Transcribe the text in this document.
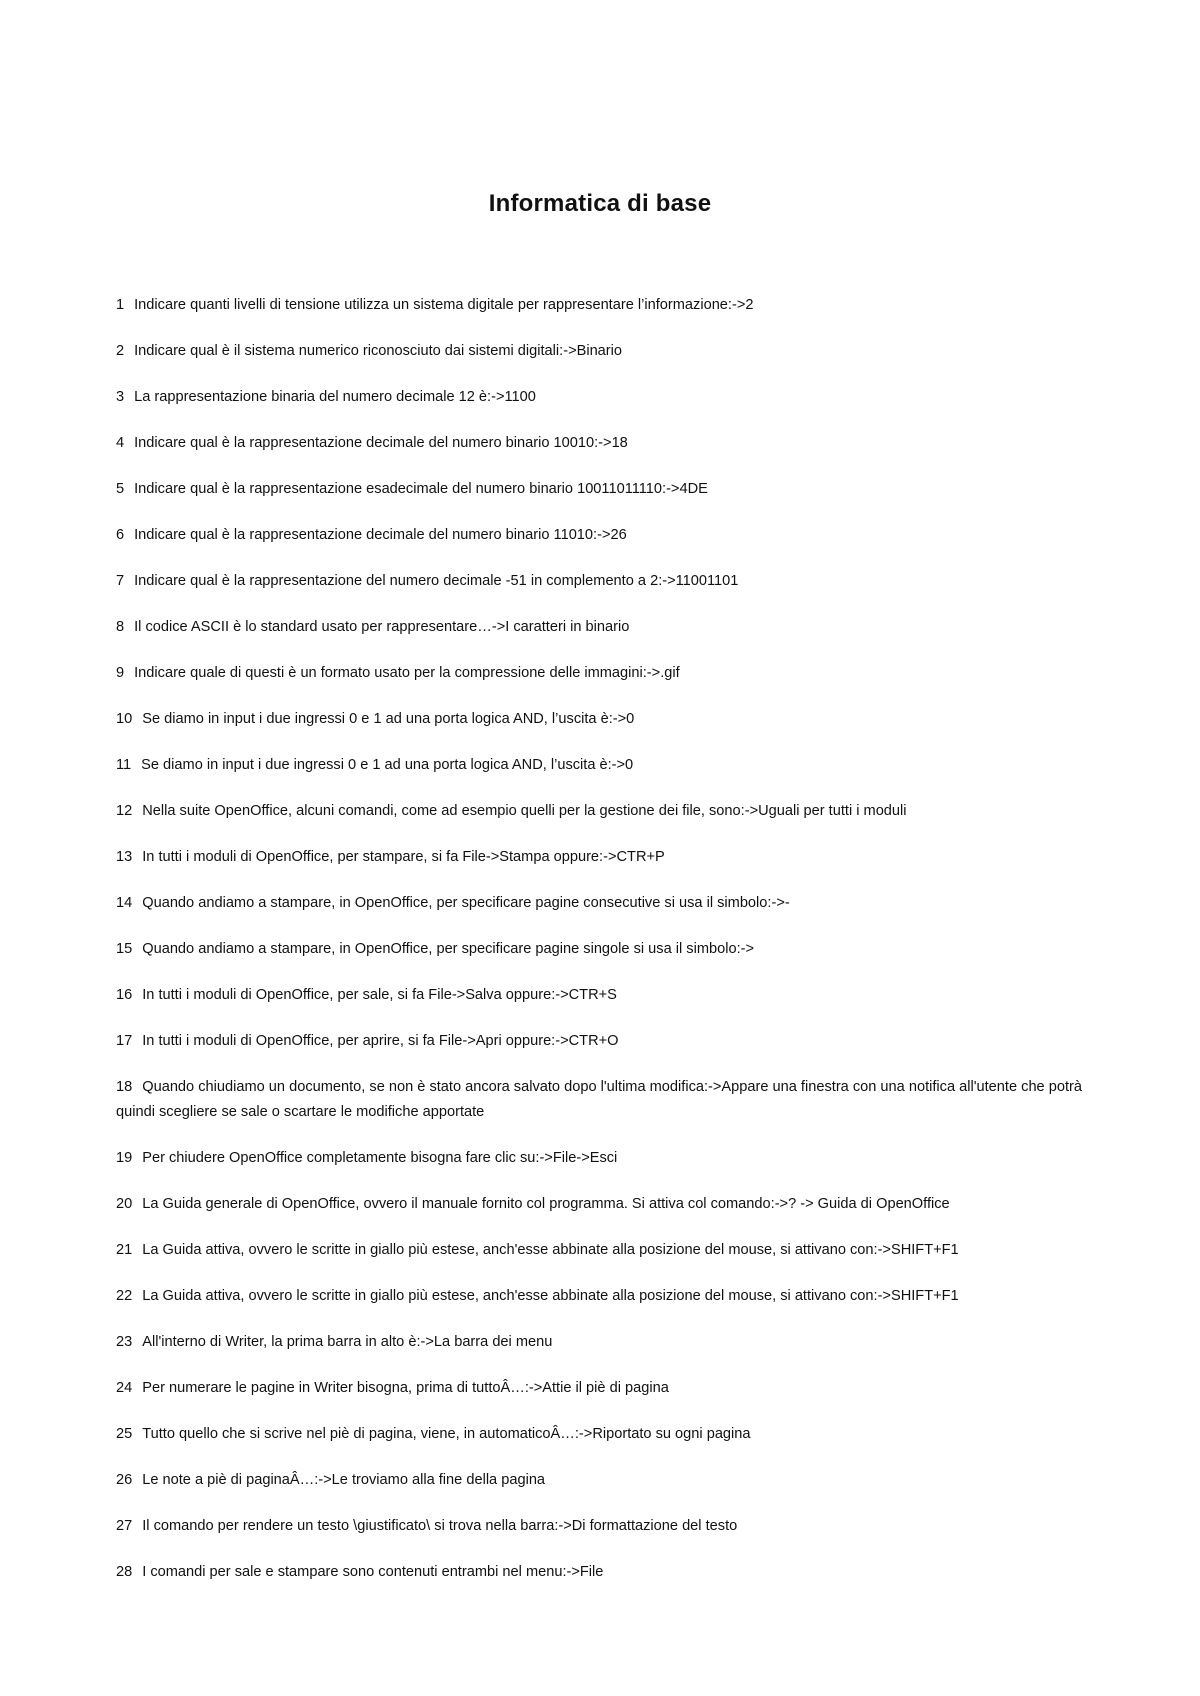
Informatica di base
1 Indicare quanti livelli di tensione utilizza un sistema digitale per rappresentare l’informazione:->2
2 Indicare qual è il sistema numerico riconosciuto dai sistemi digitali:->Binario
3 La rappresentazione binaria del numero decimale 12 è:->1100
4 Indicare qual è la rappresentazione decimale del numero binario 10010:->18
5 Indicare qual è la rappresentazione esadecimale del numero binario 10011011110:->4DE
6 Indicare qual è la rappresentazione decimale del numero binario 11010:->26
7 Indicare qual è la rappresentazione del numero decimale -51 in complemento a 2:->11001101
8 Il codice ASCII è lo standard usato per rappresentare…->I caratteri in binario
9 Indicare quale di questi è un formato usato per la compressione delle immagini:->.gif
10 Se diamo in input i due ingressi 0 e 1 ad una porta logica AND, l’uscita è:->0
11 Se diamo in input i due ingressi 0 e 1 ad una porta logica AND, l’uscita è:->0
12 Nella suite OpenOffice, alcuni comandi, come ad esempio quelli per la gestione dei file, sono:->Uguali per tutti i moduli
13 In tutti i moduli di OpenOffice, per stampare, si fa File->Stampa oppure:->CTR+P
14 Quando andiamo a stampare, in OpenOffice, per specificare pagine consecutive si usa il simbolo:->-
15 Quando andiamo a stampare, in OpenOffice, per specificare pagine singole si usa il simbolo:->
16 In tutti i moduli di OpenOffice, per sale, si fa File->Salva oppure:->CTR+S
17 In tutti i moduli di OpenOffice, per aprire, si fa File->Apri oppure:->CTR+O
18 Quando chiudiamo un documento, se non è stato ancora salvato dopo l'ultima modifica:->Appare una finestra con una notifica all'utente che potrà quindi scegliere se sale o scartare le modifiche apportate
19 Per chiudere OpenOffice completamente bisogna fare clic su:->File->Esci
20 La Guida generale di OpenOffice, ovvero il manuale fornito col programma. Si attiva col comando:->? -> Guida di OpenOffice
21 La Guida attiva, ovvero le scritte in giallo più estese, anch'esse abbinate alla posizione del mouse, si attivano con:->SHIFT+F1
22 La Guida attiva, ovvero le scritte in giallo più estese, anch'esse abbinate alla posizione del mouse, si attivano con:->SHIFT+F1
23 All'interno di Writer, la prima barra in alto è:->La barra dei menu
24 Per numerare le pagine in Writer bisogna, prima di tuttoÂ…:->Attie il piè di pagina
25 Tutto quello che si scrive nel piè di pagina, viene, in automaticoÂ…:->Riportato su ogni pagina
26 Le note a piè di paginaÂ…:->Le troviamo alla fine della pagina
27 Il comando per rendere un testo \giustificato\ si trova nella barra:->Di formattazione del testo
28 I comandi per sale e stampare sono contenuti entrambi nel menu:->File
